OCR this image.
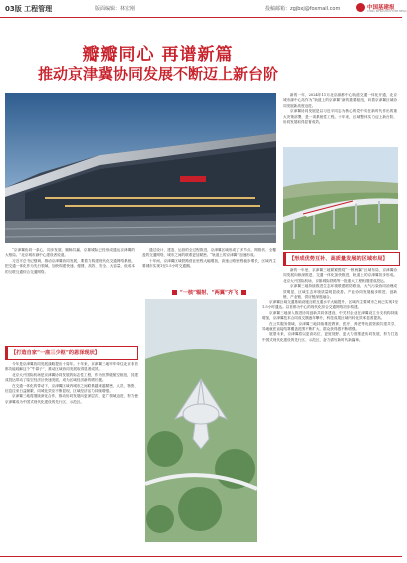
03版 工程管理	版面编辑：林宏刚	投稿邮箱：zgjbxj@foxmail.com	中国基建报
CHINA INFRASTRUCTURE NEWS
瓣瓣同心 再谱新篇
推动京津冀协同发展不断迈上新台阶

新的一年，2024年11月北京副都中心轨道交通一体化开通，北京城市副中心站作为“轨道上的京津冀”新的重要枢纽，向着京津冀区域协同发展新高度迈进。

京津冀协同发展是以习近平同志为核心的党中央在新时代作出的重大决策部署，是一项系统性工程。十年来，区域整体实力迈上新台阶，协同发展取得显著成效。

【形成优势互补、高质量发展的区域布局】

新的一年里，京津冀三地紧紧围绕“一核两翼”区域布局，京津冀协同发展向纵深推进，交通一体化加快推进，轨道上的京津冀初步形成。北京大兴国际机场、京雄城际铁路等一批重大工程相继建成投运。

京津冀三地持续推进生态环境联建联防联治，大气污染协同治理成效明显，区域生态环境质量明显改善。产业协同发展稳步推进，创新链、产业链、供应链深度融合。

“京津冀协同一条心，同步发展、顺畅共赢，京雄城际已经形成通达京津冀的大格局。”北京城市副中心建设者说道。

习近平总书记强调，推动京津冀协同发展，要着力构建现代化交通网络系统，把交通一体化作为先行领域，加快构建快速、便捷、高效、安全、大容量、低成本的互联互通综合交通网络。

通过设计、建造、运营的全过程推进，京津冀区域形成了多节点、网格状、全覆盖的交通网络，城市之间的联系更加紧密。“轨道上的京津冀”加速形成。

十年间，京津冀区域铁路营业里程大幅增加，高速公路里程稳步增长，区域内主要城市实现1至1.5小时交通圈。

“一核”辐射、“两翼”齐飞

京津冀区域交通基础设施互联互通水平大幅提升，区域内主要城市之间已实现1至1.5小时通达。以首都为中心的现代化综合交通网络初步构建。

京津冀三地深入推进协同创新共同体建设，中关村企业在津冀设立分支机构持续增加，京津冀技术合同成交额逐年攀升，科技成果区域内转化效率显著提高。

在公共服务领域，京津冀三地持续推进教育、医疗、养老等优质资源共建共享，异地就医直接结算覆盖范围不断扩大，群众获得感不断增强。

展望未来，京津冀将以更高站位、更宽视野、更大力度推进协同发展，努力打造中国式现代化建设的先行区、示范区，奋力谱写新时代新篇章。

【打造自家“一座三少枢”的恩泽现状】

今年是京津冀协同发展战略提出十周年。十年来，京津冀三地牢牢牵住北京非首都功能疏解这个“牛鼻子”，推动区域协同发展取得显著成效。

北京大兴国际机场是京津冀协同发展的标志性工程，作为世界级航空枢纽，其建成投运带动了临空经济区快速发展，成为区域经济新的增长极。

在交通一体化的带动下，京津冀区域内城市之间联系越来越紧密，人员、物资、信息往来日益频繁，同城化效应不断显现，区域经济活力持续增强。

京津冀三地将继续深化合作，推动协同发展向更深层次、更广领域迈进，努力使京津冀成为中国式现代化建设的先行区、示范区。
